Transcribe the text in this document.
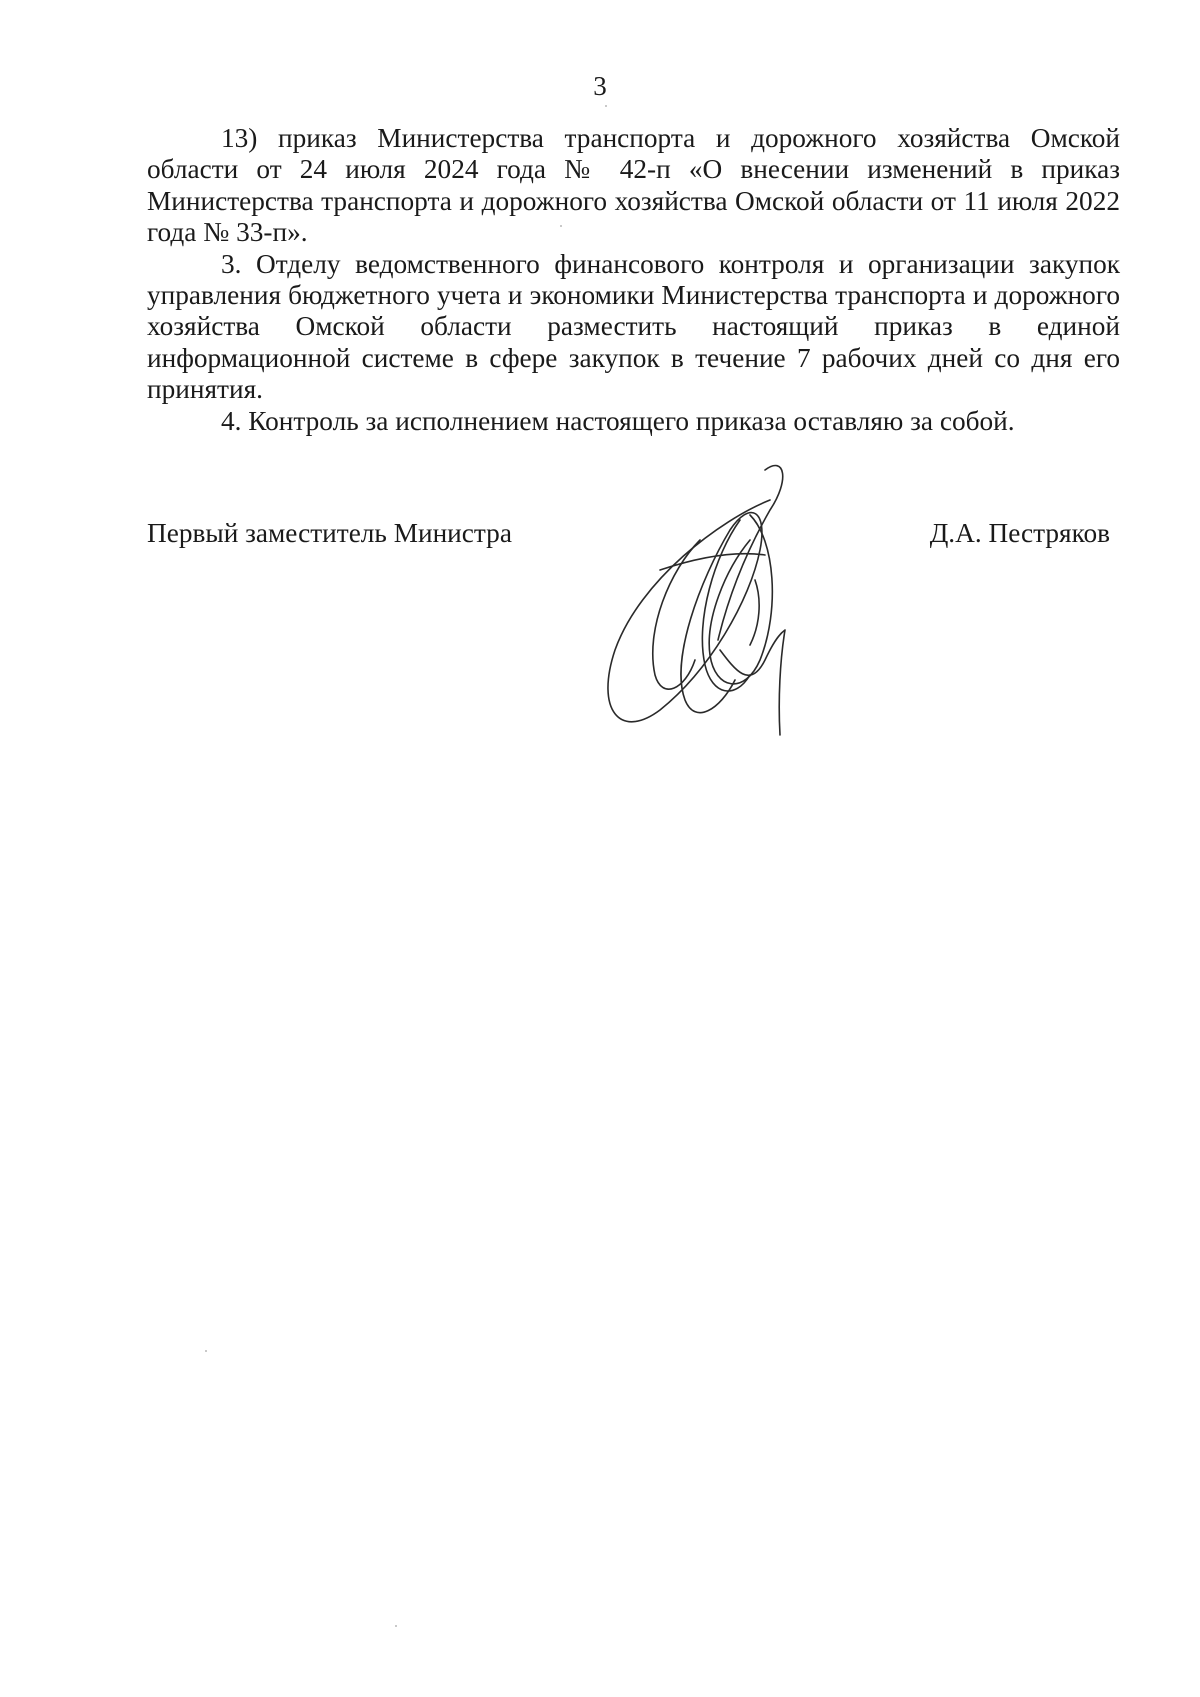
3

13) приказ Министерства транспорта и дорожного хозяйства Омской области от 24 июля 2024 года № 42-п «О внесении изменений в приказ Министерства транспорта и дорожного хозяйства Омской области от 11 июля 2022 года № 33-п».

3. Отделу ведомственного финансового контроля и организации закупок управления бюджетного учета и экономики Министерства транспорта и дорожного хозяйства Омской области разместить настоящий приказ в единой информационной системе в сфере закупок в течение 7 рабочих дней со дня его принятия.

4. Контроль за исполнением настоящего приказа оставляю за собой.

Первый заместитель Министра	Д.А. Пестряков
